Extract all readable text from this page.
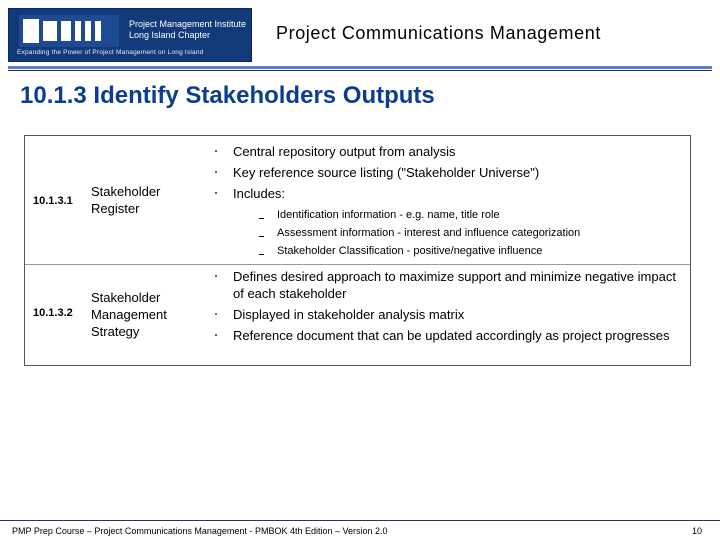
Project Management Institute
Long Island Chapter
Expanding the Power of Project Management on Long Island
Project Communications Management
10.1.3 Identify Stakeholders Outputs
10.1.3.1
Stakeholder Register
Central repository output from analysis
Key reference source listing ("Stakeholder Universe")
Includes:
Identification information - e.g. name, title role
Assessment information - interest and influence categorization
Stakeholder Classification - positive/negative influence
10.1.3.2
Stakeholder Management Strategy
Defines desired approach to maximize support and minimize negative impact of each stakeholder
Displayed in stakeholder analysis matrix
Reference document that can be updated accordingly as project progresses
PMP Prep Course – Project Communications Management - PMBOK 4th Edition – Version 2.0	10
